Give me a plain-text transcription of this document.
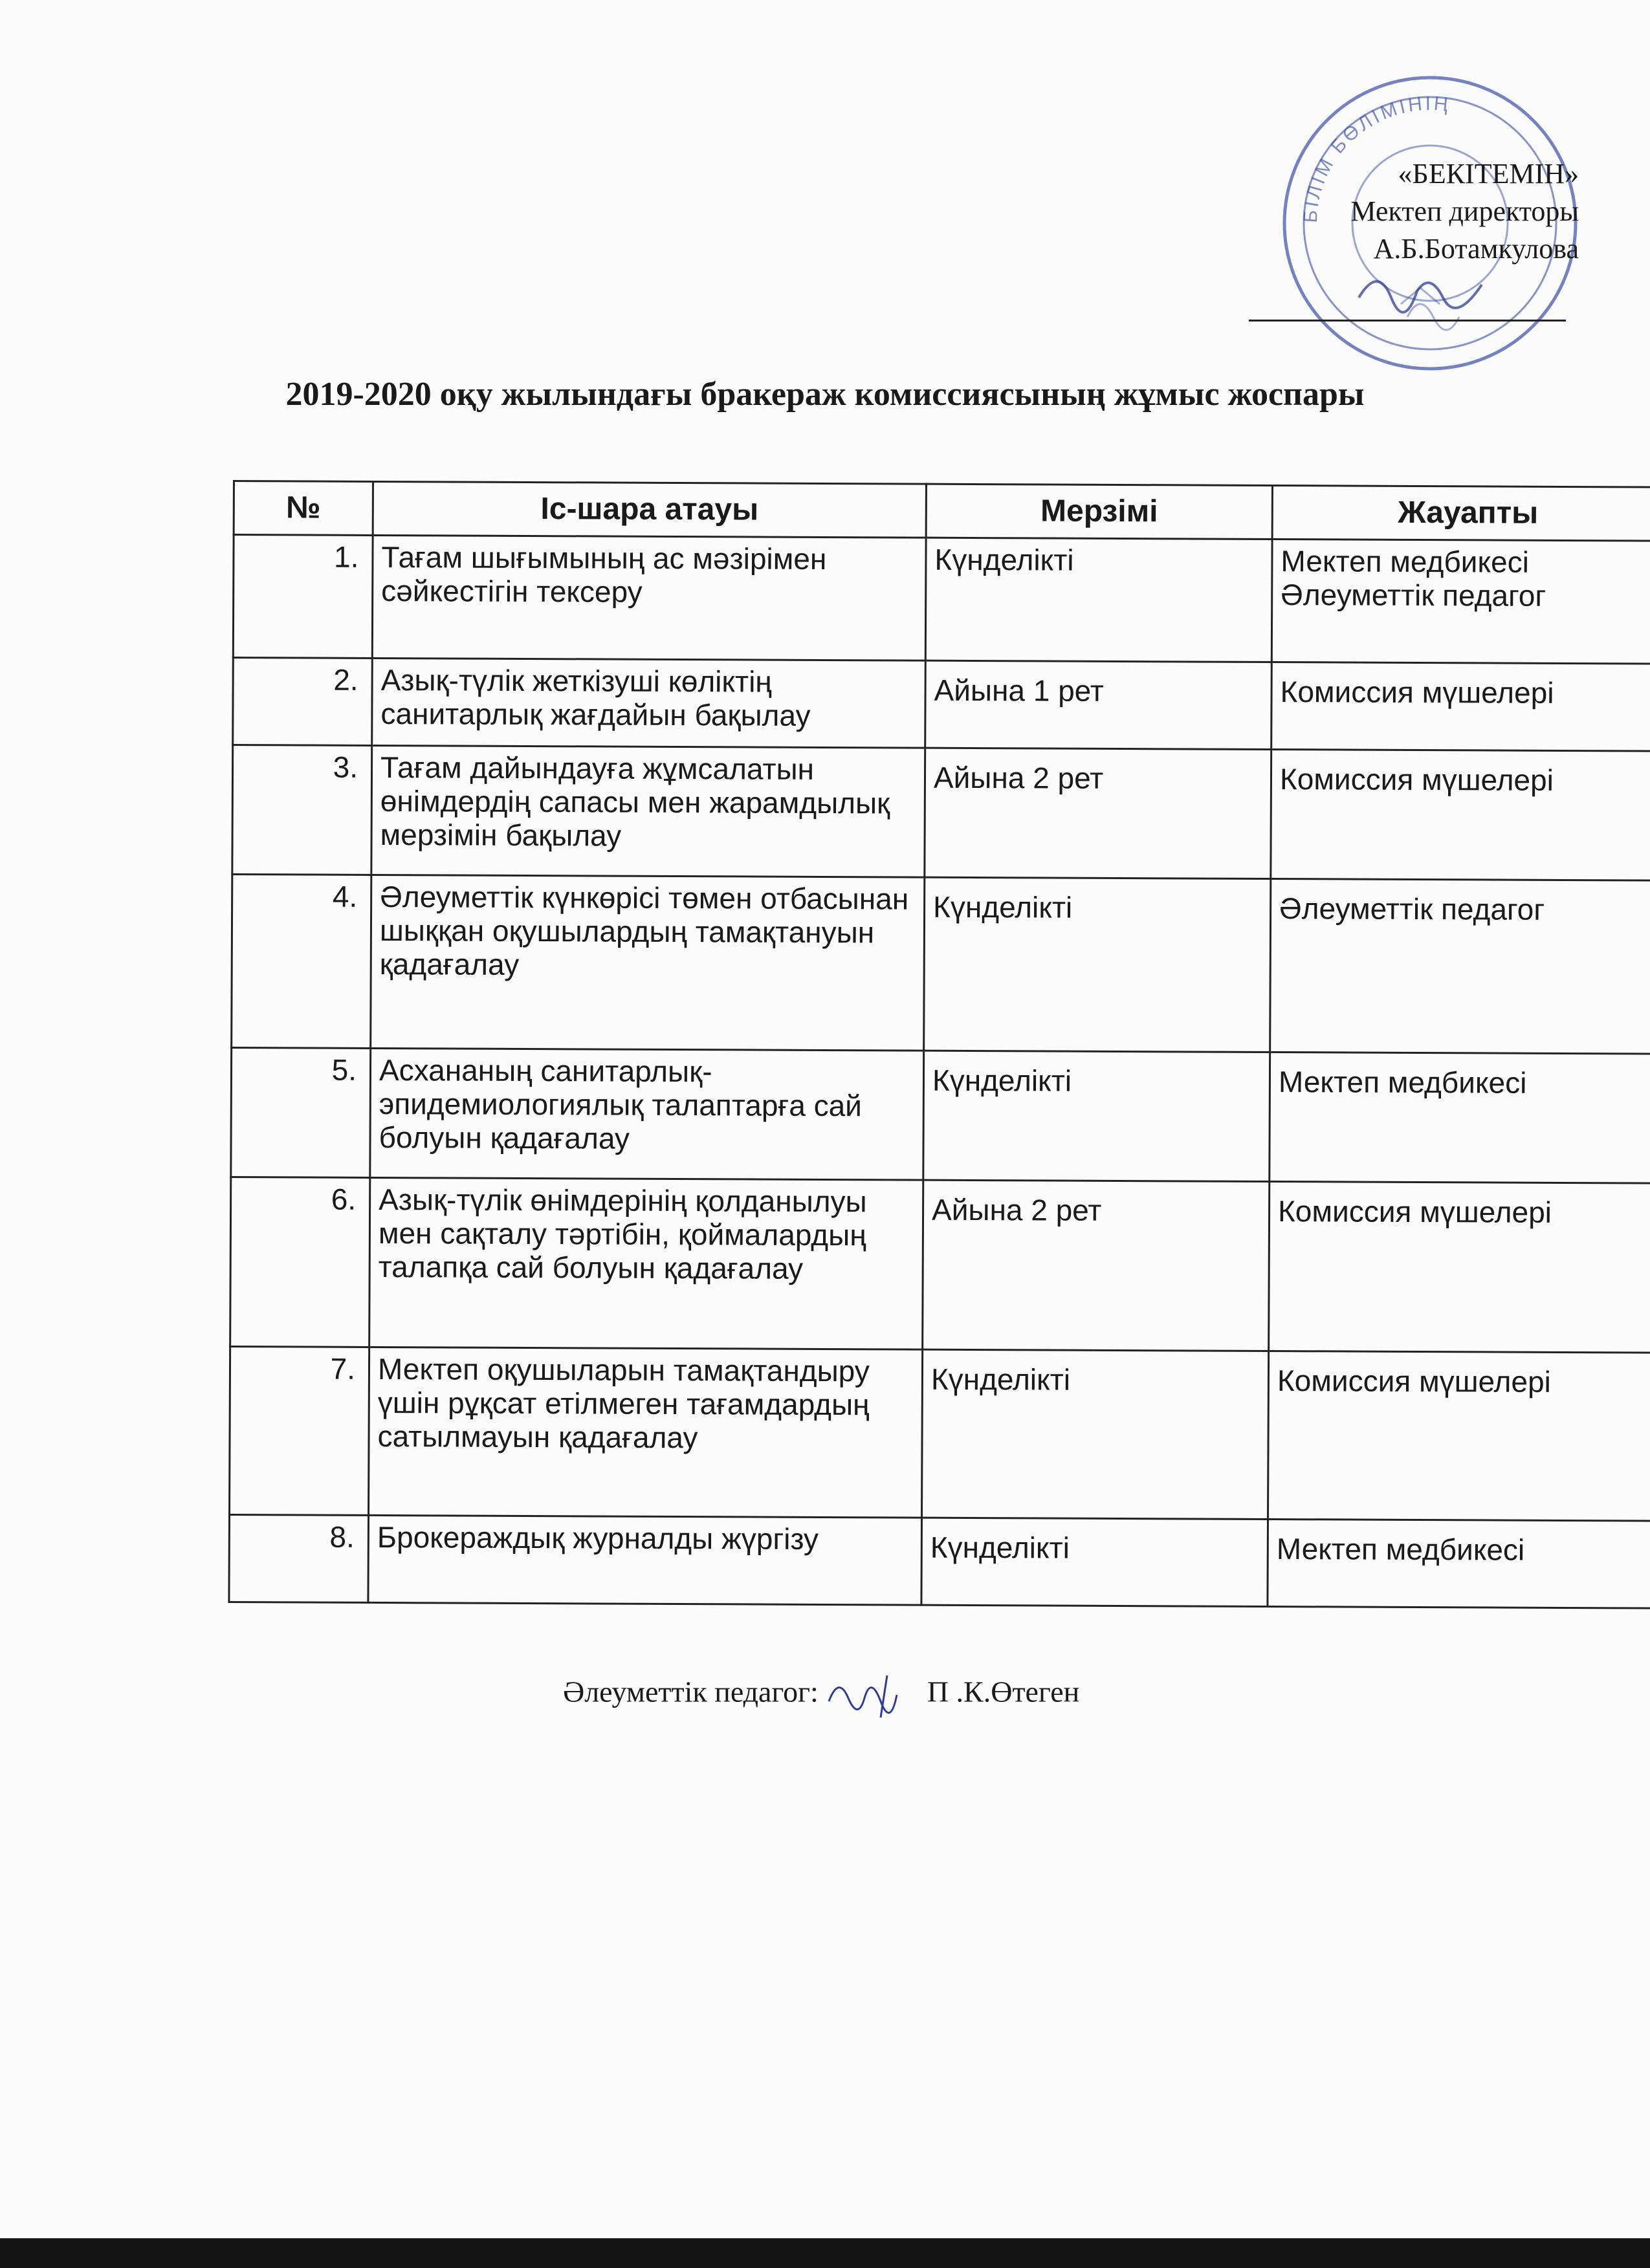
БІЛІМ БӨЛІМІНІҢ
«БЕКІТЕМІН»
Мектеп директоры
А.Б.Ботамкулова
2019-2020 оқу жылындағы бракераж комиссиясының жұмыс жоспары
№	Іс-шара атауы	Мерзімі	Жауапты
1.	Тағам шығымының ас мәзірімен сәйкестігін тексеру	Күнделікті	Мектеп медбикесі Әлеуметтік педагог
2.	Азық-түлік жеткізуші көліктің санитарлық жағдайын бақылау	Айына 1 рет	Комиссия мүшелері
3.	Тағам дайындауға жұмсалатын өнімдердің сапасы мен жарамдылық мерзімін бақылау	Айына 2 рет	Комиссия мүшелері
4.	Әлеуметтік күнкөрісі төмен отбасынан шыққан оқушылардың тамақтануын қадағалау	Күнделікті	Әлеуметтік педагог
5.	Асхананың санитарлық-эпидемиологиялық талаптарға сай болуын қадағалау	Күнделікті	Мектеп медбикесі
6.	Азық-түлік өнімдерінің қолданылуы мен сақталу тәртібін, қоймалардың талапқа сай болуын қадағалау	Айына 2 рет	Комиссия мүшелері
7.	Мектеп оқушыларын тамақтандыру үшін рұқсат етілмеген тағамдардың сатылмауын қадағалау	Күнделікті	Комиссия мүшелері
8.	Брокераждық журналды жүргізу	Күнделікті	Мектеп медбикесі
Әлеуметтік педагог:	П .К.Өтеген
